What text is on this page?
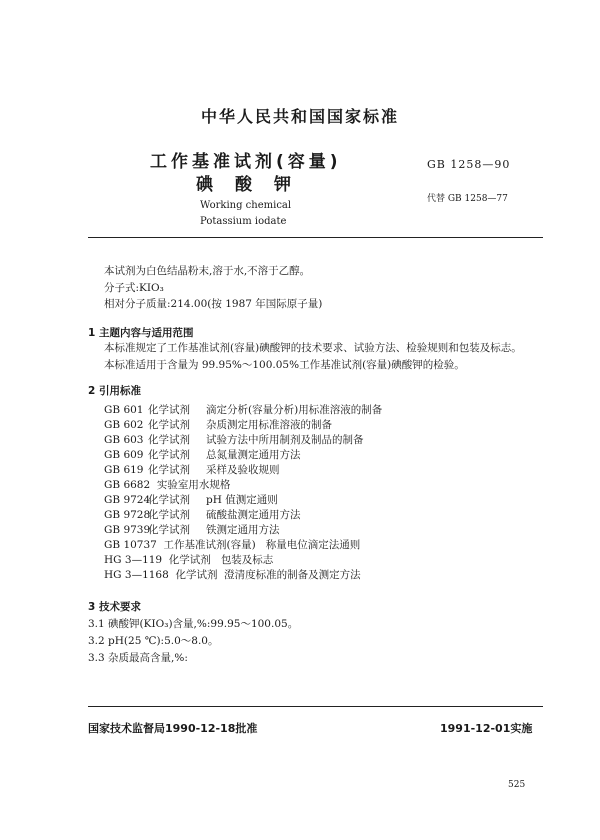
中华人民共和国国家标准
工作基准试剂(容量)
碘酸钾
Working chemical
Potassium iodate
GB 1258—90
代替 GB 1258—77
本试剂为白色结晶粉末,溶于水,不溶于乙醇。
分子式:KIO₃
相对分子质量:214.00(按 1987 年国际原子量)
1 主题内容与适用范围
本标准规定了工作基准试剂(容量)碘酸钾的技术要求、试验方法、检验规则和包装及标志。
本标准适用于含量为 99.95%～100.05%工作基准试剂(容量)碘酸钾的检验。
2 引用标准
GB 601 化学试剂 滴定分析(容量分析)用标准溶液的制备
GB 602 化学试剂 杂质测定用标准溶液的制备
GB 603 化学试剂 试验方法中所用制剂及制品的制备
GB 609 化学试剂 总氮量测定通用方法
GB 619 化学试剂 采样及验收规则
GB 6682 实验室用水规格
GB 9724化学试剂 pH 值测定通则
GB 9728化学试剂 硫酸盐测定通用方法
GB 9739化学试剂 铁测定通用方法
GB 10737 工作基准试剂(容量) 称量电位滴定法通则
HG 3—119 化学试剂 包装及标志
HG 3—1168 化学试剂 澄清度标准的制备及测定方法
3 技术要求
3.1 碘酸钾(KIO₃)含量,%:99.95～100.05。
3.2 pH(25 ℃):5.0～8.0。
3.3 杂质最高含量,%:
国家技术监督局1990-12-18批准	1991-12-01实施
525
